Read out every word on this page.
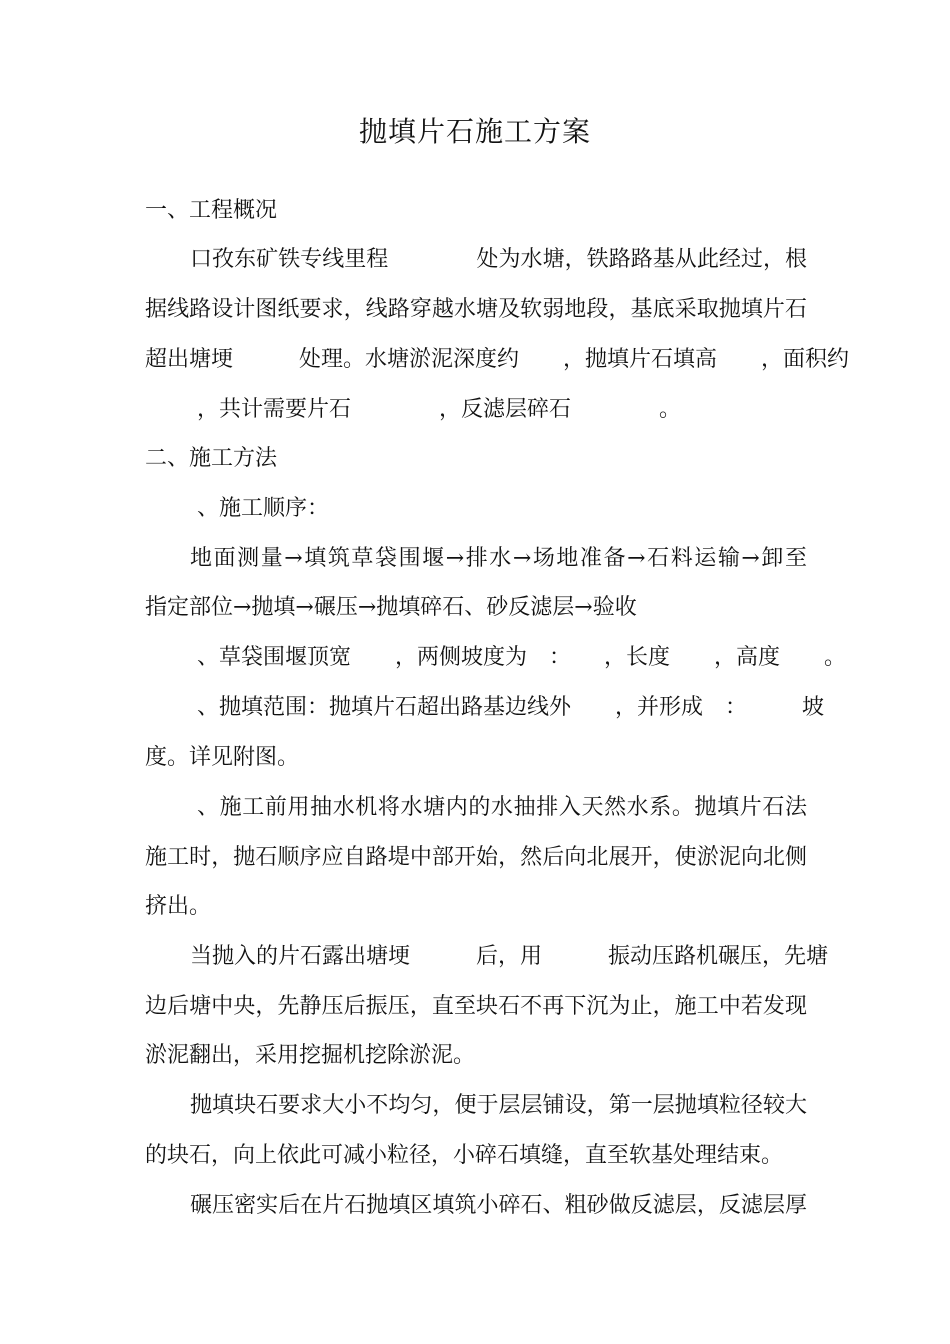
抛填片石施工方案

一、工程概况

口孜东矿铁专线里程　　　　处为水塘，铁路路基从此经过，根

据线路设计图纸要求，线路穿越水塘及软弱地段，基底采取抛填片石

超出塘埂　　　处理。水塘淤泥深度约　　，抛填片石填高　　，面积约

，共计需要片石　　　　，反滤层碎石　　　　。

二、施工方法

、施工顺序：

地面测量→填筑草袋围堰→排水→场地准备→石料运输→卸至

指定部位→抛填→碾压→抛填碎石、砂反滤层→验收

、草袋围堰顶宽　　，两侧坡度为　：　　，长度　　，高度　　。

、抛填范围：抛填片石超出路基边线外　　，并形成　：　　　坡

度。详见附图。

、施工前用抽水机将水塘内的水抽排入天然水系。抛填片石法

施工时，抛石顺序应自路堤中部开始，然后向北展开，使淤泥向北侧

挤出。

当抛入的片石露出塘埂　　　后，用　　　振动压路机碾压，先塘

边后塘中央，先静压后振压，直至块石不再下沉为止，施工中若发现

淤泥翻出，采用挖掘机挖除淤泥。

抛填块石要求大小不均匀，便于层层铺设，第一层抛填粒径较大

的块石，向上依此可减小粒径，小碎石填缝，直至软基处理结束。

碾压密实后在片石抛填区填筑小碎石、粗砂做反滤层，反滤层厚
